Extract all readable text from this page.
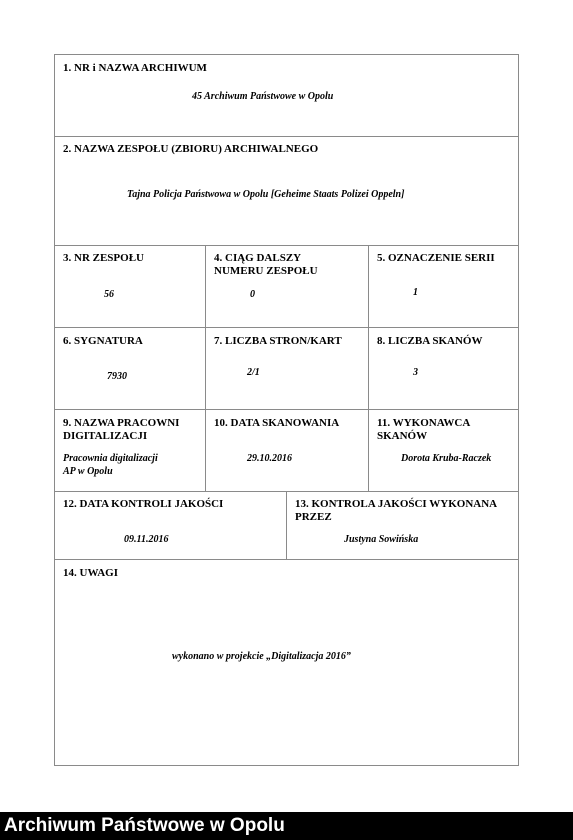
1. NR i NAZWA ARCHIWUM
45 Archiwum Państwowe w Opolu
2. NAZWA ZESPOŁU (ZBIORU) ARCHIWALNEGO
Tajna Policja Państwowa w Opolu [Geheime Staats Polizei Oppeln]
3. NR ZESPOŁU
56
4. CIĄG DALSZY
NUMERU ZESPOŁU
0
5. OZNACZENIE SERII
1
6. SYGNATURA
7930
7. LICZBA STRON/KART
2/1
8. LICZBA SKANÓW
3
9. NAZWA PRACOWNI
DIGITALIZACJI
Pracownia digitalizacji
AP w Opolu
10. DATA SKANOWANIA
29.10.2016
11. WYKONAWCA
SKANÓW
Dorota Kruba-Raczek
12. DATA KONTROLI JAKOŚCI
09.11.2016
13. KONTROLA JAKOŚCI WYKONANA
PRZEZ
Justyna Sowińska
14. UWAGI
wykonano w projekcie „Digitalizacja 2016”
Archiwum Państwowe w Opolu
